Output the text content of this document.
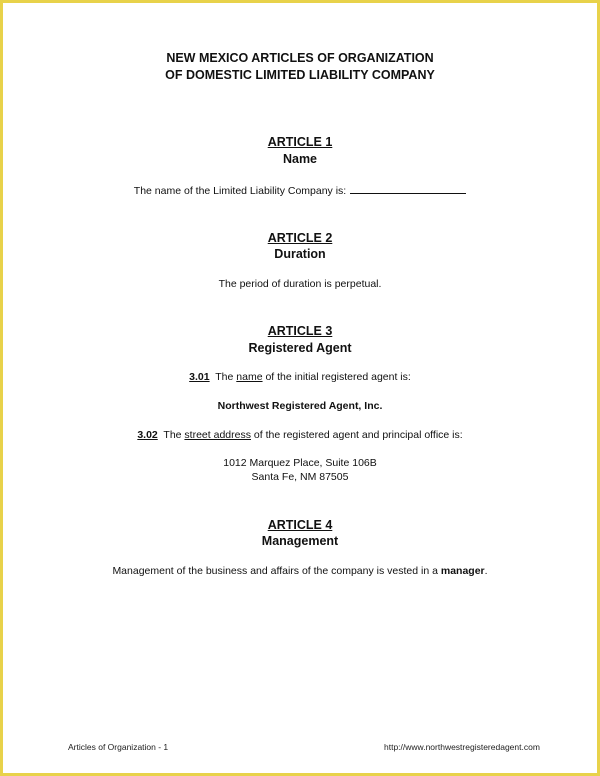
NEW MEXICO ARTICLES OF ORGANIZATION
OF DOMESTIC LIMITED LIABILITY COMPANY
ARTICLE 1
Name
The name of the Limited Liability Company is:
ARTICLE 2
Duration
The period of duration is perpetual.
ARTICLE 3
Registered Agent
3.01 The name of the initial registered agent is:
Northwest Registered Agent, Inc.
3.02 The street address of the registered agent and principal office is:
1012 Marquez Place, Suite 106B
Santa Fe, NM 87505
ARTICLE 4
Management
Management of the business and affairs of the company is vested in a manager.
Articles of Organization - 1	http://www.northwestregisteredagent.com
